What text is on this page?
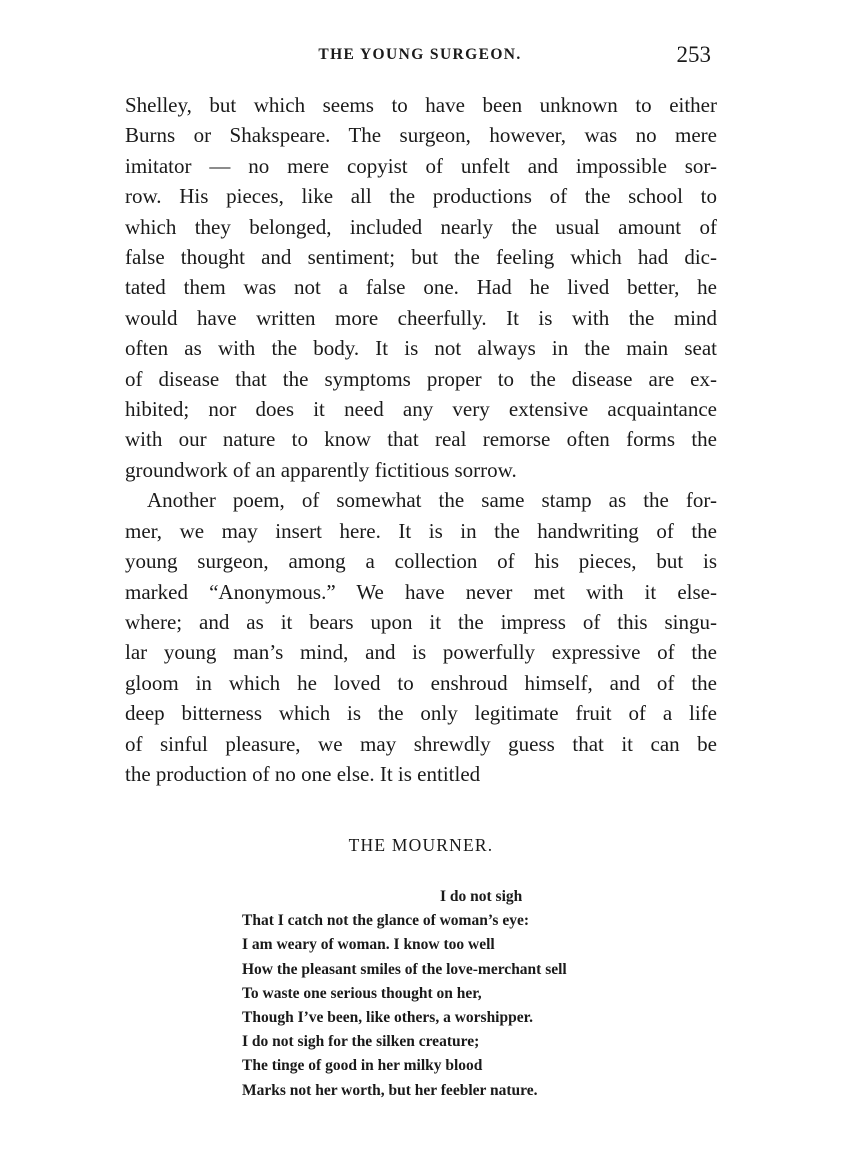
THE YOUNG SURGEON.	253

Shelley, but which seems to have been unknown to either
Burns or Shakspeare. The surgeon, however, was no mere
imitator — no mere copyist of unfelt and impossible sor-
row. His pieces, like all the productions of the school to
which they belonged, included nearly the usual amount of
false thought and sentiment; but the feeling which had dic-
tated them was not a false one. Had he lived better, he
would have written more cheerfully. It is with the mind
often as with the body. It is not always in the main seat
of disease that the symptoms proper to the disease are ex-
hibited; nor does it need any very extensive acquaintance
with our nature to know that real remorse often forms the
groundwork of an apparently fictitious sorrow.

Another poem, of somewhat the same stamp as the for-
mer, we may insert here. It is in the handwriting of the
young surgeon, among a collection of his pieces, but is
marked “Anonymous.” We have never met with it else-
where; and as it bears upon it the impress of this singu-
lar young man’s mind, and is powerfully expressive of the
gloom in which he loved to enshroud himself, and of the
deep bitterness which is the only legitimate fruit of a life
of sinful pleasure, we may shrewdly guess that it can be
the production of no one else. It is entitled

THE MOURNER.
I do not sigh
That I catch not the glance of woman’s eye:
I am weary of woman. I know too well
How the pleasant smiles of the love-merchant sell
To waste one serious thought on her,
Though I’ve been, like others, a worshipper.
I do not sigh for the silken creature;
The tinge of good in her milky blood
Marks not her worth, but her feebler nature.
